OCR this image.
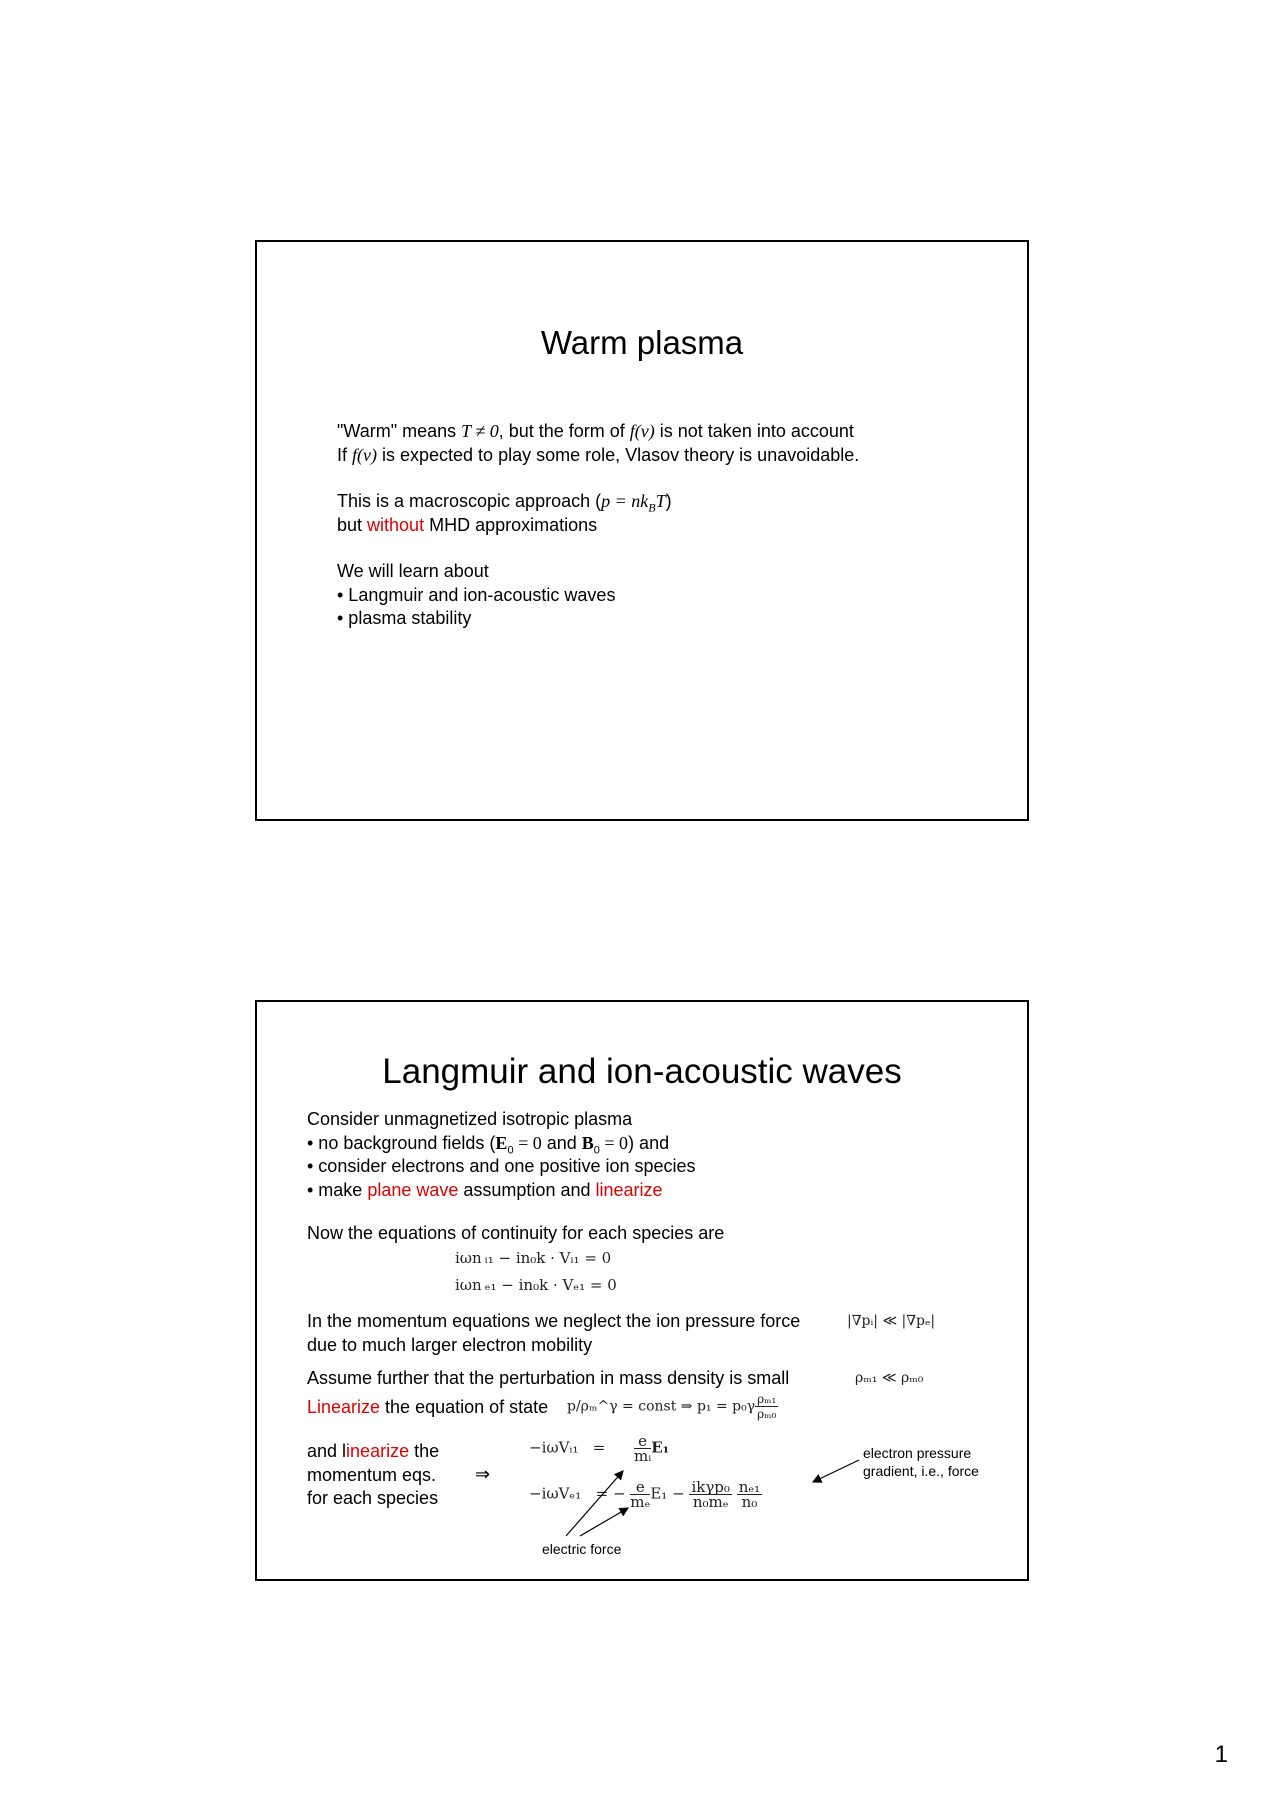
Warm plasma
"Warm" means T ≠ 0, but the form of f(v) is not taken into account
If f(v) is expected to play some role, Vlasov theory is unavoidable.
This is a macroscopic approach $(p = nk_BT)$
but without MHD approximations
We will learn about
• Langmuir and ion-acoustic waves
• plasma stability
Langmuir and ion-acoustic waves
Consider unmagnetized isotropic plasma
• no background fields ($E_0 = 0$ and $B_0 = 0$) and
• consider electrons and one positive ion species
• make plane wave assumption and linearize
Now the equations of continuity for each species are
iωn ᵢ₁ − in₀k · Vᵢ₁ = 0
iωn ₑ₁ − in₀k · Vₑ₁ = 0
In the momentum equations we neglect the ion pressure force
due to much larger electron mobility
|∇pᵢ| ≪ |∇pₑ|
Assume further that the perturbation in mass density is small	ρₘ₁ ≪ ρₘ₀
Linearize the equation of state p/ρₘ^γ = const ⇒ $p_1 = p_0\gamma \frac{\text{ρₘ₁}}{\text{ρₘ₀}}$
and linearize the
momentum eqs.
for each species
⇒
−iωVᵢ₁ = $\frac{e}{\text{mᵢ}} E_1$
−iωVₑ₁ = − $\frac{e}{\text{mₑ}} E_1 - \frac{\text{ikγp₀}}{\text{n₀mₑ}}$
$\frac{\text{nₑ₁}}{\text{n₀}}$
electron pressure
gradient, i.e., force
electric force
1
